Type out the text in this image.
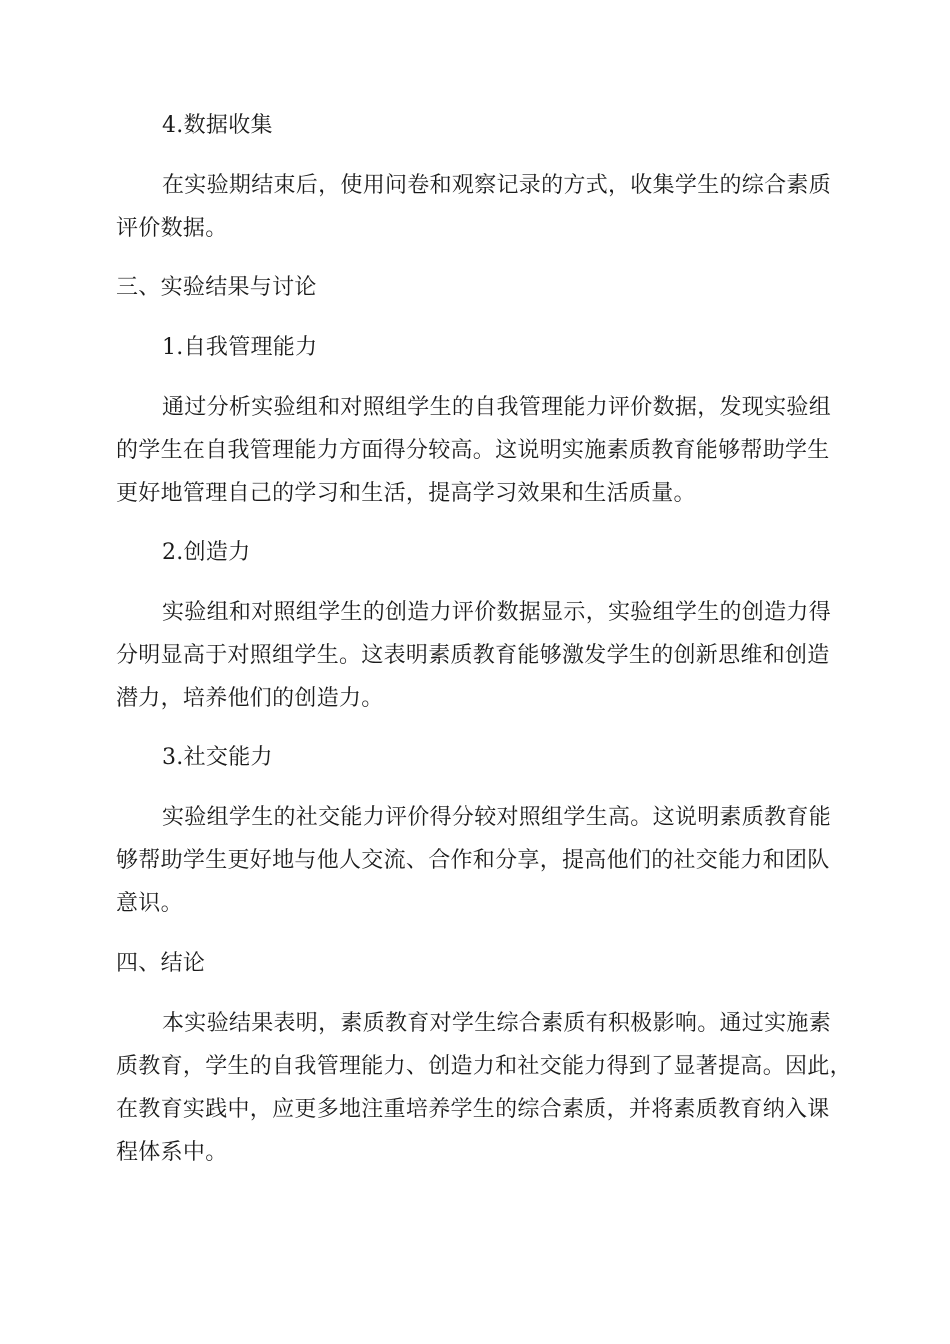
4.数据收集
在实验期结束后，使用问卷和观察记录的方式，收集学生的综合素质
评价数据。
三、实验结果与讨论
1.自我管理能力
通过分析实验组和对照组学生的自我管理能力评价数据，发现实验组
的学生在自我管理能力方面得分较高。这说明实施素质教育能够帮助学生
更好地管理自己的学习和生活，提高学习效果和生活质量。
2.创造力
实验组和对照组学生的创造力评价数据显示，实验组学生的创造力得
分明显高于对照组学生。这表明素质教育能够激发学生的创新思维和创造
潜力，培养他们的创造力。
3.社交能力
实验组学生的社交能力评价得分较对照组学生高。这说明素质教育能
够帮助学生更好地与他人交流、合作和分享，提高他们的社交能力和团队
意识。
四、结论
本实验结果表明，素质教育对学生综合素质有积极影响。通过实施素
质教育，学生的自我管理能力、创造力和社交能力得到了显著提高。因此，
在教育实践中，应更多地注重培养学生的综合素质，并将素质教育纳入课
程体系中。
